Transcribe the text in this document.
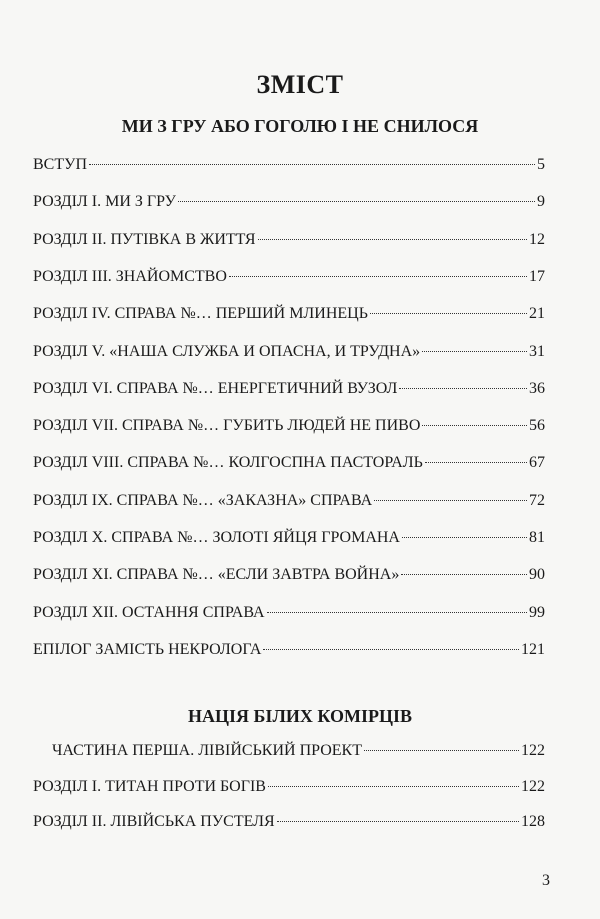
ЗМІСТ
МИ З ГРУ АБО ГОГОЛЮ І НЕ СНИЛОСЯ
ВСТУП	5
РОЗДІЛ I. МИ З ГРУ	9
РОЗДІЛ II. ПУТІВКА В ЖИТТЯ	12
РОЗДІЛ III. ЗНАЙОМСТВО	17
РОЗДІЛ IV. СПРАВА №… ПЕРШИЙ МЛИНЕЦЬ	21
РОЗДІЛ V. «НАША СЛУЖБА И ОПАСНА, И ТРУДНА»	31
РОЗДІЛ VI. СПРАВА №… ЕНЕРГЕТИЧНИЙ ВУЗОЛ	36
РОЗДІЛ VII. СПРАВА №… ГУБИТЬ ЛЮДЕЙ НЕ ПИВО	56
РОЗДІЛ VIII. СПРАВА №… КОЛГОСПНА ПАСТОРАЛЬ	67
РОЗДІЛ IX. СПРАВА №… «ЗАКАЗНА» СПРАВА	72
РОЗДІЛ X. СПРАВА №… ЗОЛОТІ ЯЙЦЯ ГРОМАНА	81
РОЗДІЛ XI. СПРАВА №… «ЕСЛИ ЗАВТРА ВОЙНА»	90
РОЗДІЛ XII. ОСТАННЯ СПРАВА	99
ЕПІЛОГ ЗАМІСТЬ НЕКРОЛОГА	121
ЧАСТИНА ПЕРША. ЛІВІЙСЬКИЙ ПРОЕКТ	122
РОЗДІЛ I. ТИТАН ПРОТИ БОГІВ	122
РОЗДІЛ II. ЛІВІЙСЬКА ПУСТЕЛЯ	128
НАЦІЯ БІЛИХ КОМІРЦІВ
3
